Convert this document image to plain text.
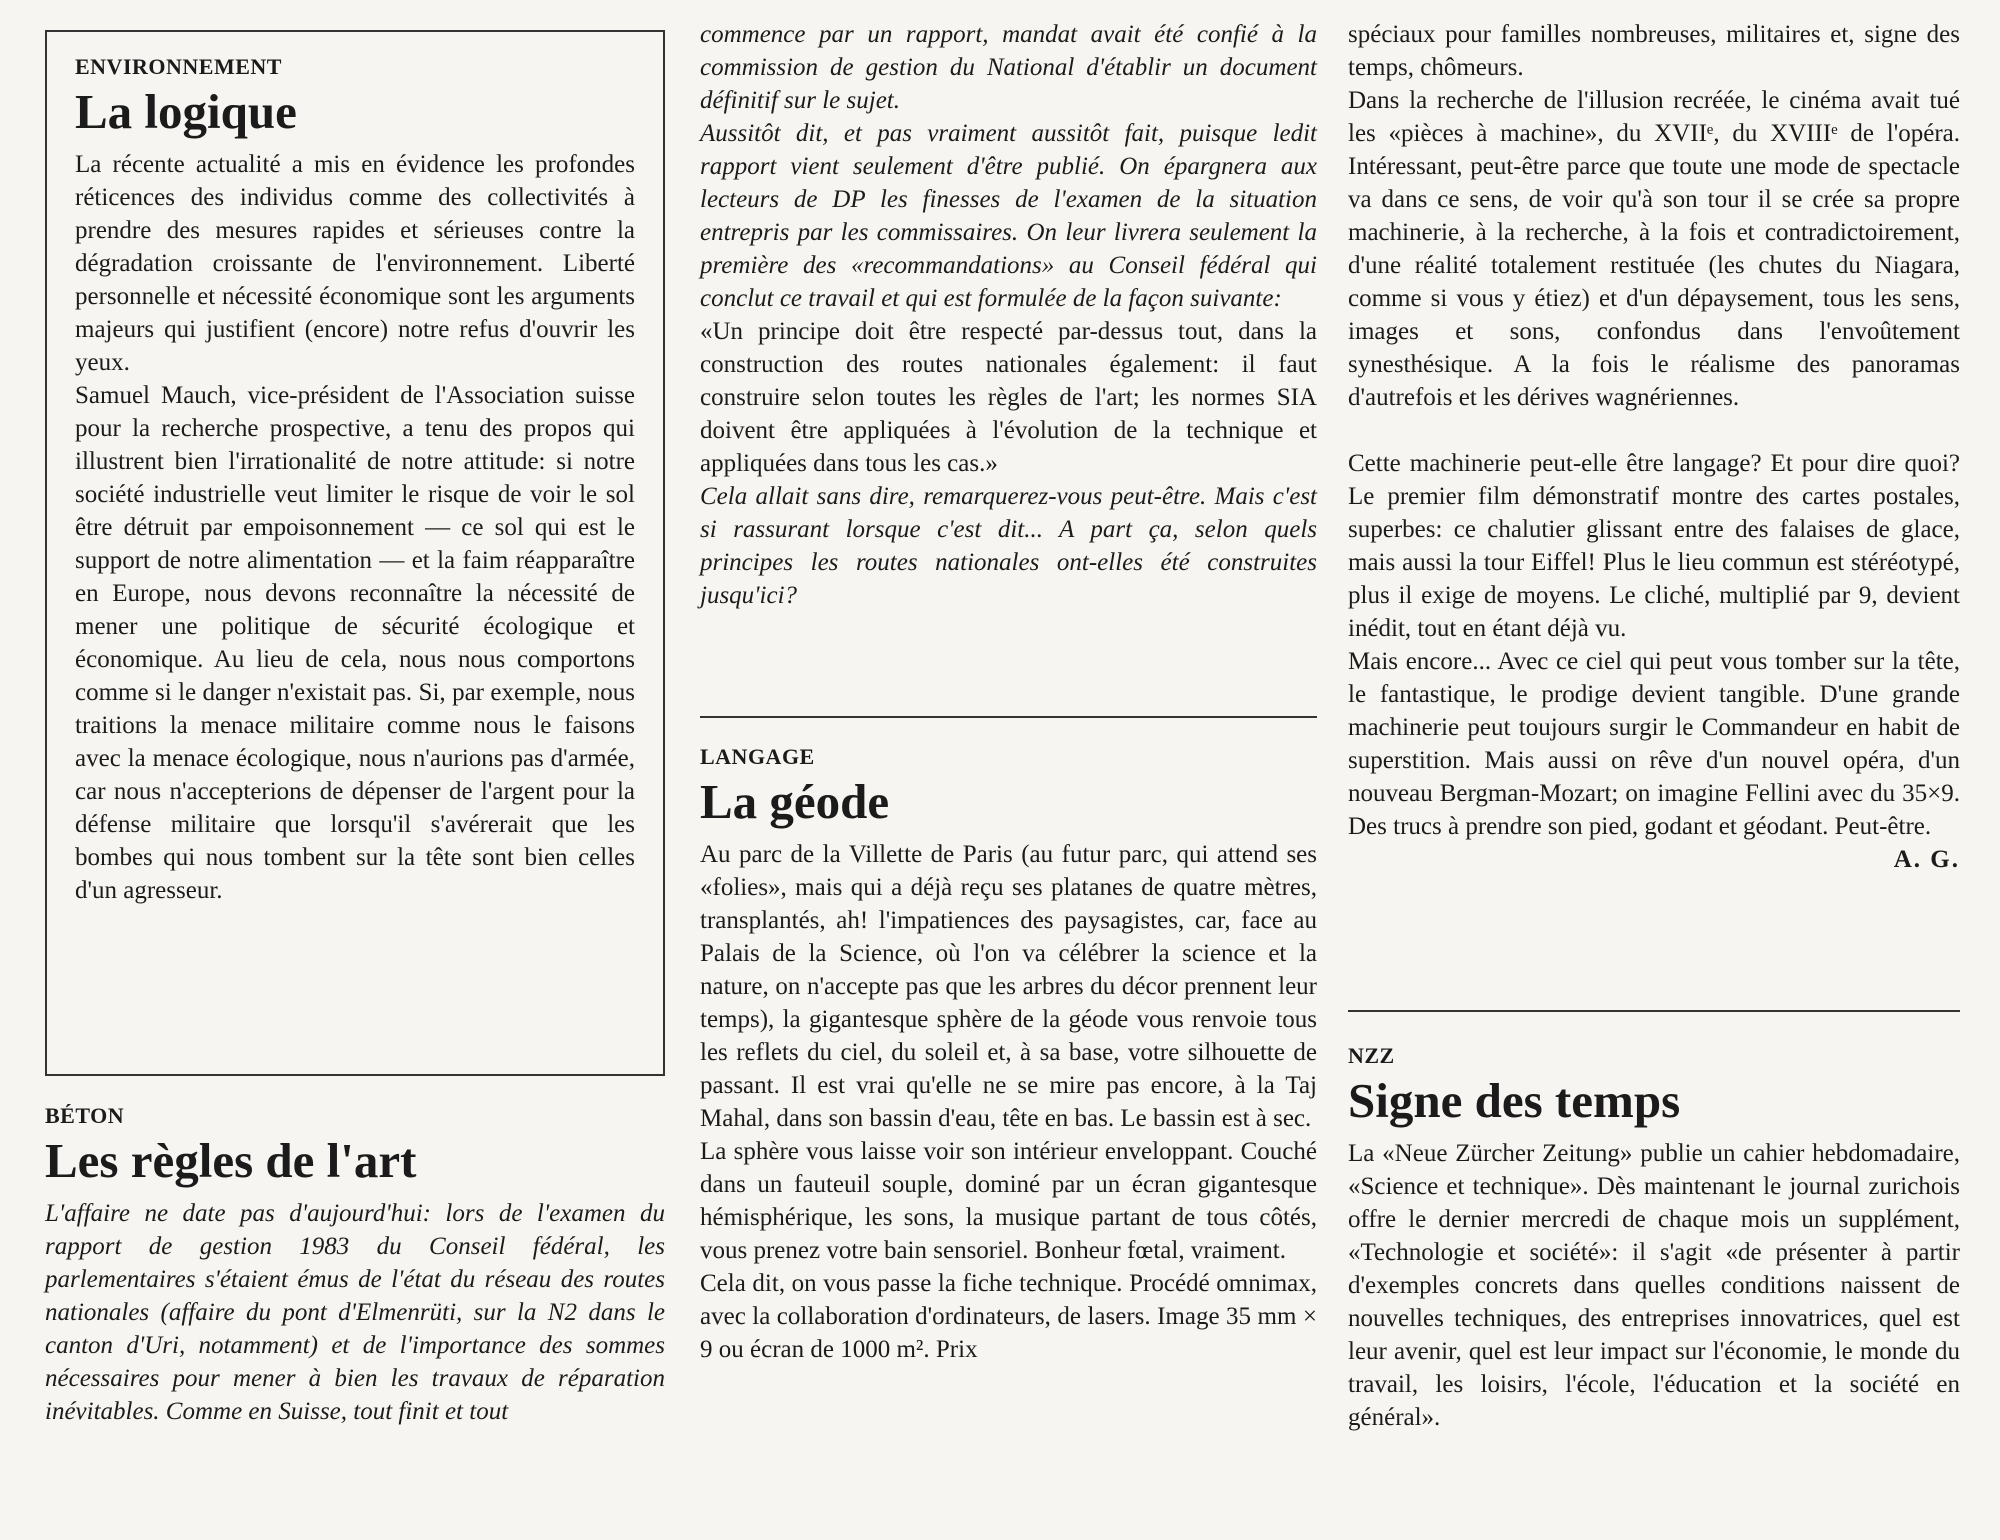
ENVIRONNEMENT
La logique

La récente actualité a mis en évidence les profondes réticences des individus comme des collectivités à prendre des mesures rapides et sérieuses contre la dégradation croissante de l'environnement. Liberté personnelle et nécessité économique sont les arguments majeurs qui justifient (encore) notre refus d'ouvrir les yeux.

Samuel Mauch, vice-président de l'Association suisse pour la recherche prospective, a tenu des propos qui illustrent bien l'irrationalité de notre attitude: si notre société industrielle veut limiter le risque de voir le sol être détruit par empoisonnement — ce sol qui est le support de notre alimentation — et la faim réapparaître en Europe, nous devons reconnaître la nécessité de mener une politique de sécurité écologique et économique. Au lieu de cela, nous nous comportons comme si le danger n'existait pas. Si, par exemple, nous traitions la menace militaire comme nous le faisons avec la menace écologique, nous n'aurions pas d'armée, car nous n'accepterions de dépenser de l'argent pour la défense militaire que lorsqu'il s'avérerait que les bombes qui nous tombent sur la tête sont bien celles d'un agresseur.

BÉTON
Les règles de l'art
L'affaire ne date pas d'aujourd'hui: lors de l'examen du rapport de gestion 1983 du Conseil fédéral, les parlementaires s'étaient émus de l'état du réseau des routes nationales (affaire du pont d'Elmenrüti, sur la N2 dans le canton d'Uri, notamment) et de l'importance des sommes nécessaires pour mener à bien les travaux de réparation inévitables. Comme en Suisse, tout finit et tout

commence par un rapport, mandat avait été confié à la commission de gestion du National d'établir un document définitif sur le sujet.

Aussitôt dit, et pas vraiment aussitôt fait, puisque ledit rapport vient seulement d'être publié. On épargnera aux lecteurs de DP les finesses de l'examen de la situation entrepris par les commissaires. On leur livrera seulement la première des «recommandations» au Conseil fédéral qui conclut ce travail et qui est formulée de la façon suivante:

«Un principe doit être respecté par-dessus tout, dans la construction des routes nationales également: il faut construire selon toutes les règles de l'art; les normes SIA doivent être appliquées à l'évolution de la technique et appliquées dans tous les cas.»

Cela allait sans dire, remarquerez-vous peut-être. Mais c'est si rassurant lorsque c'est dit... A part ça, selon quels principes les routes nationales ont-elles été construites jusqu'ici?

LANGAGE
La géode

Au parc de la Villette de Paris (au futur parc, qui attend ses «folies», mais qui a déjà reçu ses platanes de quatre mètres, transplantés, ah! l'impatiences des paysagistes, car, face au Palais de la Science, où l'on va célébrer la science et la nature, on n'accepte pas que les arbres du décor prennent leur temps), la gigantesque sphère de la géode vous renvoie tous les reflets du ciel, du soleil et, à sa base, votre silhouette de passant. Il est vrai qu'elle ne se mire pas encore, à la Taj Mahal, dans son bassin d'eau, tête en bas. Le bassin est à sec.

La sphère vous laisse voir son intérieur enveloppant. Couché dans un fauteuil souple, dominé par un écran gigantesque hémisphérique, les sons, la musique partant de tous côtés, vous prenez votre bain sensoriel. Bonheur fœtal, vraiment.

Cela dit, on vous passe la fiche technique. Procédé omnimax, avec la collaboration d'ordinateurs, de lasers. Image 35 mm × 9 ou écran de 1000 m². Prix

spéciaux pour familles nombreuses, militaires et, signe des temps, chômeurs.

Dans la recherche de l'illusion recréée, le cinéma avait tué les «pièces à machine», du XVIIᵉ, du XVIIIᵉ de l'opéra. Intéressant, peut-être parce que toute une mode de spectacle va dans ce sens, de voir qu'à son tour il se crée sa propre machinerie, à la recherche, à la fois et contradictoirement, d'une réalité totalement restituée (les chutes du Niagara, comme si vous y étiez) et d'un dépaysement, tous les sens, images et sons, confondus dans l'envoûtement synesthésique. A la fois le réalisme des panoramas d'autrefois et les dérives wagnériennes.

Cette machinerie peut-elle être langage? Et pour dire quoi? Le premier film démonstratif montre des cartes postales, superbes: ce chalutier glissant entre des falaises de glace, mais aussi la tour Eiffel! Plus le lieu commun est stéréotypé, plus il exige de moyens. Le cliché, multiplié par 9, devient inédit, tout en étant déjà vu.

Mais encore... Avec ce ciel qui peut vous tomber sur la tête, le fantastique, le prodige devient tangible. D'une grande machinerie peut toujours surgir le Commandeur en habit de superstition. Mais aussi on rêve d'un nouvel opéra, d'un nouveau Bergman-Mozart; on imagine Fellini avec du 35×9. Des trucs à prendre son pied, godant et géodant. Peut-être.
A. G.

NZZ
Signe des temps
La «Neue Zürcher Zeitung» publie un cahier hebdomadaire, «Science et technique». Dès maintenant le journal zurichois offre le dernier mercredi de chaque mois un supplément, «Technologie et société»: il s'agit «de présenter à partir d'exemples concrets dans quelles conditions naissent de nouvelles techniques, des entreprises innovatrices, quel est leur avenir, quel est leur impact sur l'économie, le monde du travail, les loisirs, l'école, l'éducation et la société en général».
